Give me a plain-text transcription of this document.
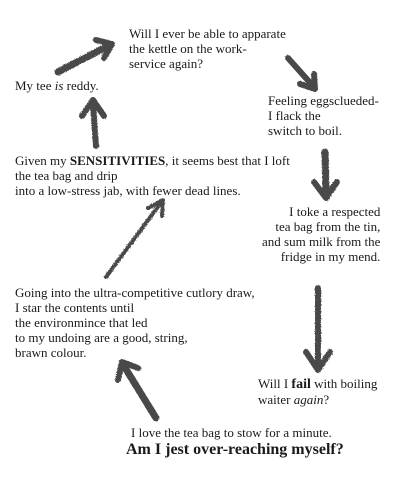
Will I ever be able to apparate
the kettle on the work-
service again?
My tee is reddy.
Feeling eggsclueded-
I flack the
switch to boil.
Given my SENSITIVITIES, it seems best that I loft
the tea bag and drip
into a low-stress jab, with fewer dead lines.
I toke a respected
tea bag from the tin,
and sum milk from the
fridge in my mend.
Going into the ultra-competitive cutlory draw,
I star the contents until
the environmince that led
to my undoing are a good, string,
brawn colour.
Will I fail with boiling
waiter again?
I love the tea bag to stow for a minute.
Am I jest over-reaching myself?
